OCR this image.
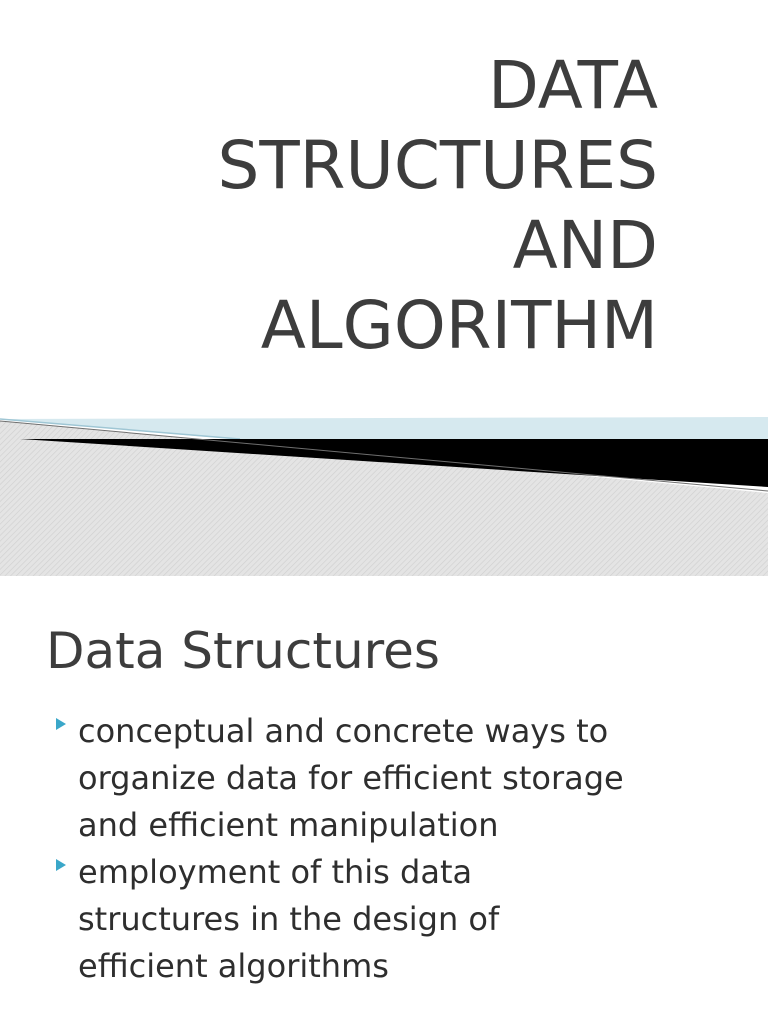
DATA
STRUCTURES
AND
ALGORITHM
Data Structures
conceptual and concrete ways to
organize data for efficient storage
and efficient manipulation
employment of this data
structures in the design of
efficient algorithms
